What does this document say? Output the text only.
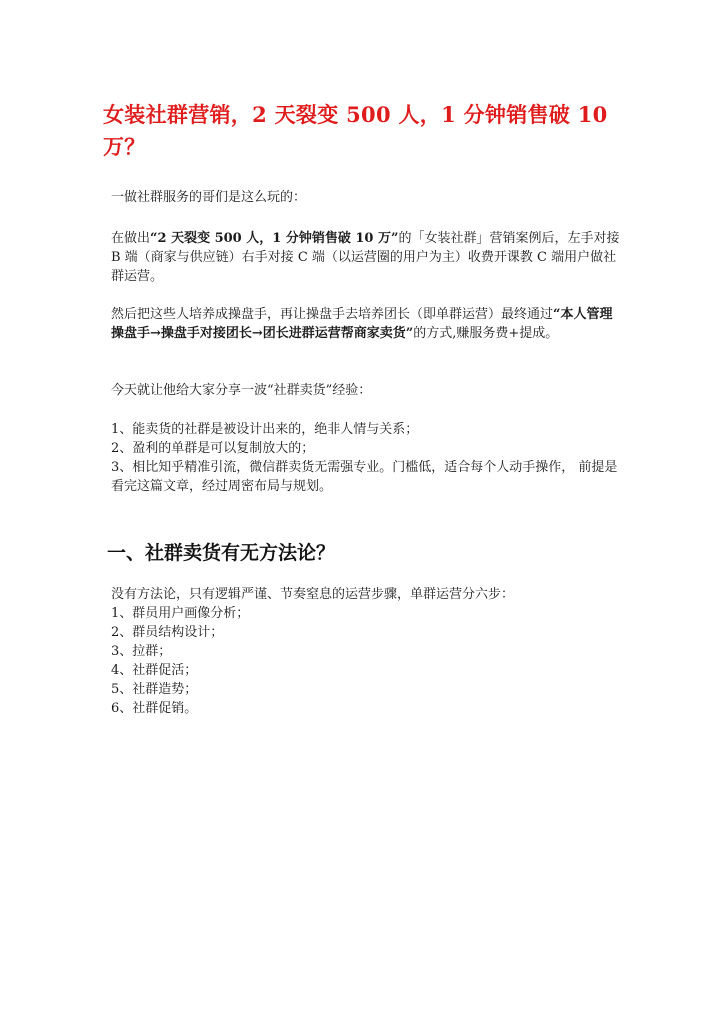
女装社群营销，2 天裂变 500 人，1 分钟销售破 10 万？

一做社群服务的哥们是这么玩的：

在做出“2 天裂变 500 人，1 分钟销售破 10 万”的「女装社群」营销案例后，左手对接 B 端（商家与供应链）右手对接 C 端（以运营圈的用户为主）收费开课教 C 端用户做社群运营。

然后把这些人培养成操盘手，再让操盘手去培养团长（即单群运营）最终通过“本人管理操盘手→操盘手对接团长→团长进群运营帮商家卖货”的方式,赚服务费+提成。

今天就让他给大家分享一波“社群卖货”经验：

1、能卖货的社群是被设计出来的，绝非人情与关系；

2、盈利的单群是可以复制放大的；

3、相比知乎精准引流，微信群卖货无需强专业。门槛低，适合每个人动手操作， 前提是看完这篇文章，经过周密布局与规划。

一、社群卖货有无方法论？

没有方法论，只有逻辑严谨、节奏窒息的运营步骤，单群运营分六步：

1、群员用户画像分析；

2、群员结构设计；

3、拉群；

4、社群促活；

5、社群造势；

6、社群促销。
